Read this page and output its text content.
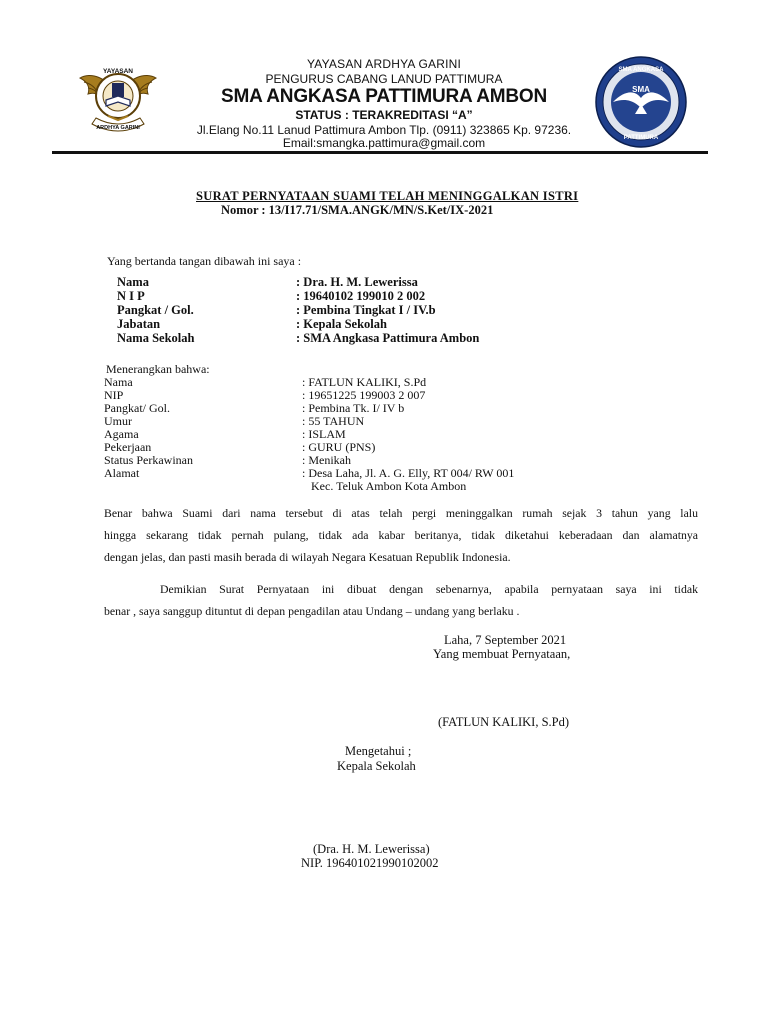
YAYASAN
ARDHYA GARINI
SMA
SMA ANGKASA
PATTIMURA
YAYASAN ARDHYA GARINI
PENGURUS CABANG LANUD PATTIMURA
SMA ANGKASA PATTIMURA AMBON
STATUS : TERAKREDITASI “A”
Jl.Elang No.11 Lanud Pattimura Ambon Tlp. (0911) 323865 Kp. 97236.
Email:smangka.pattimura@gmail.com
SURAT PERNYATAAN SUAMI TELAH MENINGGALKAN ISTRI
Nomor : 13/I17.71/SMA.ANGK/MN/S.Ket/IX-2021
Yang bertanda tangan dibawah ini saya :
Nama	: Dra. H. M. Lewerissa
N I P	: 19640102 199010 2 002
Pangkat / Gol.	: Pembina Tingkat I / IV.b
Jabatan	: Kepala Sekolah
Nama Sekolah	: SMA Angkasa Pattimura Ambon
Menerangkan bahwa:
Nama	: FATLUN KALIKI, S.Pd
NIP	: 19651225 199003 2 007
Pangkat/ Gol.	: Pembina Tk. I/ IV b
Umur	: 55 TAHUN
Agama	: ISLAM
Pekerjaan	: GURU (PNS)
Status Perkawinan	: Menikah
Alamat	: Desa Laha, Jl. A. G. Elly, RT 004/ RW 001
Kec. Teluk Ambon Kota Ambon
Benar bahwa Suami dari nama tersebut di atas telah pergi meninggalkan rumah sejak 3 tahun yang lalu
hingga sekarang tidak pernah pulang, tidak ada kabar beritanya, tidak diketahui keberadaan dan alamatnya
dengan jelas, dan pasti masih berada di wilayah Negara Kesatuan Republik Indonesia.
Demikian Surat Pernyataan ini dibuat dengan sebenarnya, apabila pernyataan saya ini tidak
benar , saya sanggup dituntut di depan pengadilan atau Undang – undang yang berlaku .
Laha, 7 September 2021
Yang membuat Pernyataan,
(FATLUN KALIKI, S.Pd)
Mengetahui ;
Kepala Sekolah
(Dra. H. M. Lewerissa)
NIP. 196401021990102002
